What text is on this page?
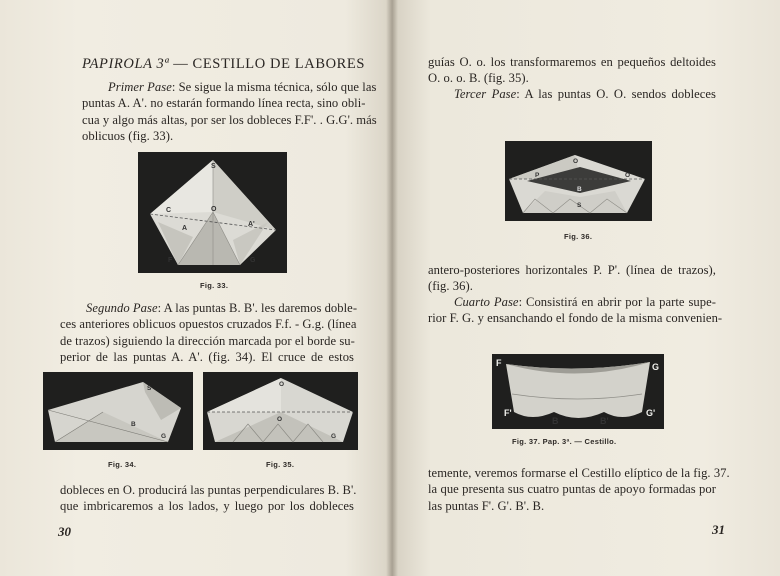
PAPIROLA 3ª — CESTILLO DE LABORES
Primer Pase: Se sigue la misma técnica, sólo que las
puntas A. A'. no estarán formando línea recta, sino obli-
cua y algo más altas, por ser los dobleces F.F'. . G.G'. más
oblicuos (fig. 33).
S
C	O
A
A'
F	G
Fig. 33.
Segundo Pase: A las puntas B. B'. les daremos doble-
ces anteriores oblicuos opuestos cruzados F.f. - G.g. (línea
de trazos) siguiendo la dirección marcada por el borde su-
perior de las puntas A. A'. (fig. 34). El cruce de estos
S
B
G
Fig. 34.
O
O
G
Fig. 35.
dobleces en O. producirá las puntas perpendiculares B. B'.
que imbricaremos a los lados, y luego por los dobleces
30
guías O. o. los transformaremos en pequeños deltoides
O. o. o. B. (fig. 35).
Tercer Pase: A las puntas O. O. sendos dobleces
O
P
B
S
O
Fig. 36.
antero-posteriores horizontales P. P'. (línea de trazos),
(fig. 36).
Cuarto Pase: Consistirá en abrir por la parte supe-
rior F. G. y ensanchando el fondo de la misma convenien-
F	G
F'	G'
B	B'
Fig. 37. Pap. 3ª. — Cestillo.
temente, veremos formarse el Cestillo elíptico de la fig. 37.
la que presenta sus cuatro puntas de apoyo formadas por
las puntas F'. G'. B'. B.
31
